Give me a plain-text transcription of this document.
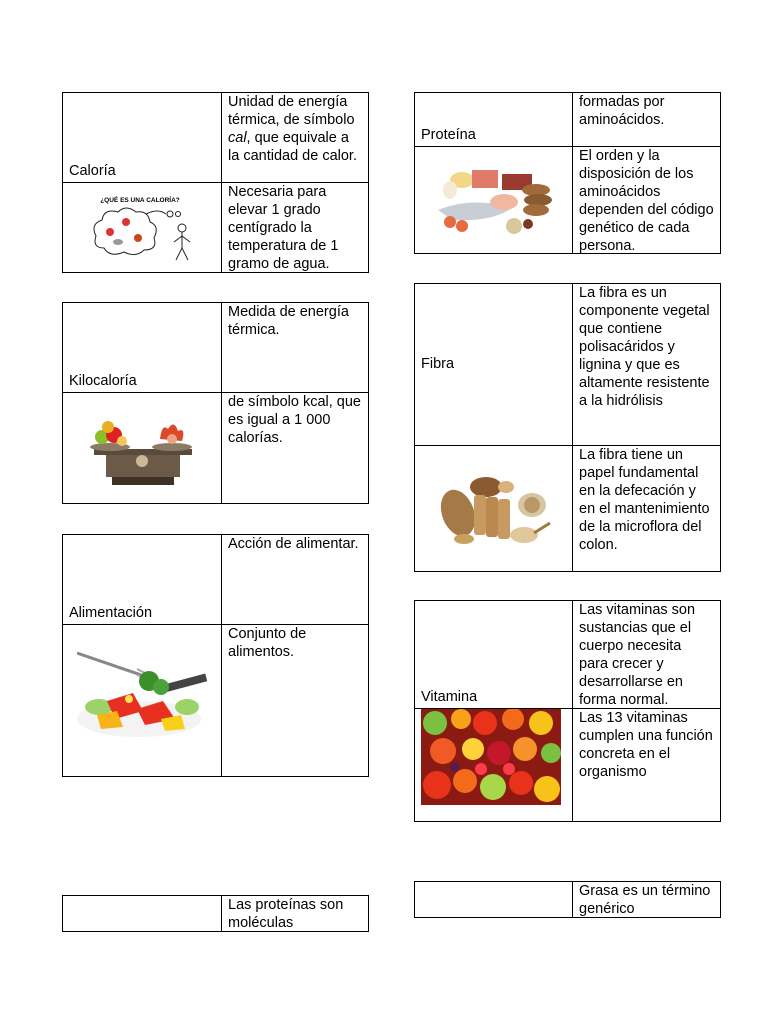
Caloría
Unidad de energía térmica, de símbolo cal, que equivale a la cantidad de calor.
¿QUÉ ES UNA CALORÍA?	Necesaria para elevar 1 grado centígrado la temperatura de 1 gramo de agua.
Kilocaloría
Medida de energía térmica.
de símbolo kcal, que es igual a 1 000 calorías.
Alimentación
Acción de alimentar.
Conjunto de alimentos.
Las proteínas son moléculas
Proteína
formadas por aminoácidos.
El orden y la disposición de los aminoácidos dependen del código genético de cada persona.
Fibra
La fibra es un componente vegetal que contiene polisacáridos y lignina y que es altamente resistente a la hidrólisis
La fibra tiene un papel fundamental en la defecación y en el mantenimiento de la microflora del colon.
Vitamina
Las vitaminas son sustancias que el cuerpo necesita para crecer y desarrollarse en forma normal.
Las 13 vitaminas cumplen una función concreta en el organismo
Grasa es un término genérico
